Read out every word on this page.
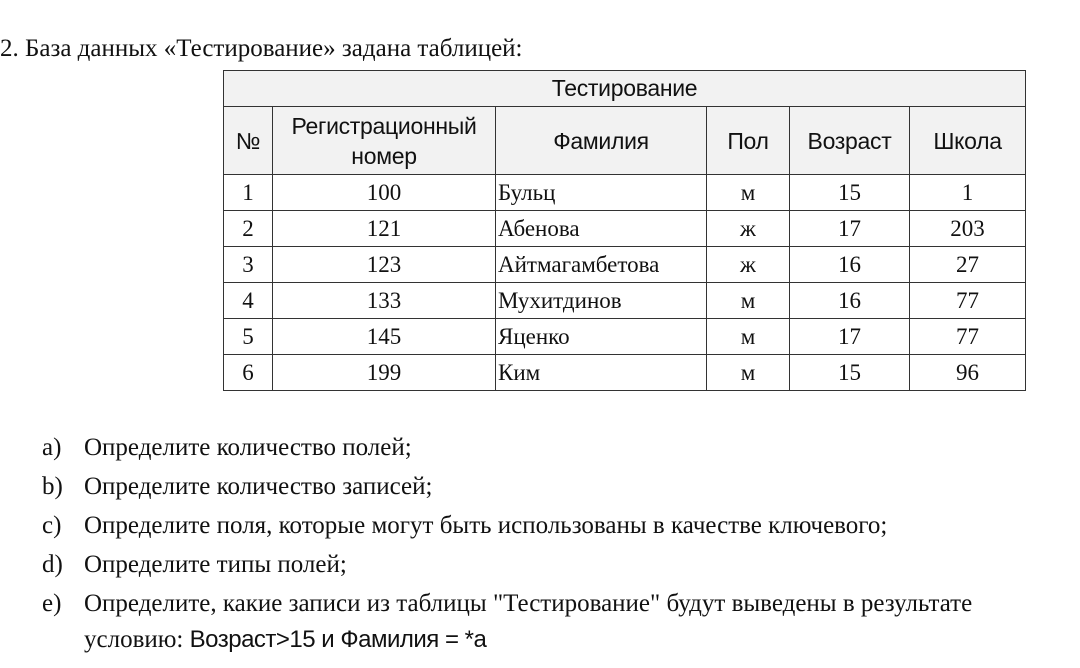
2. База данных «Тестирование» задана таблицей:
Тестирование					
№	Регистрационный номер	Фамилия	Пол	Возраст	Школа
1	100	Бульц	м	15	1
2	121	Абенова	ж	17	203
3	123	Айтмагамбетова	ж	16	27
4	133	Мухитдинов	м	16	77
5	145	Яценко	м	17	77
6	199	Ким	м	15	96
a) Определите количество полей;
b) Определите количество записей;
c) Определите поля, которые могут быть использованы в качестве ключевого;
d) Определите типы полей;
e) Определите, какие записи из таблицы "Тестирование" будут выведены в результате
условию: Возраст>15 и Фамилия = *а
